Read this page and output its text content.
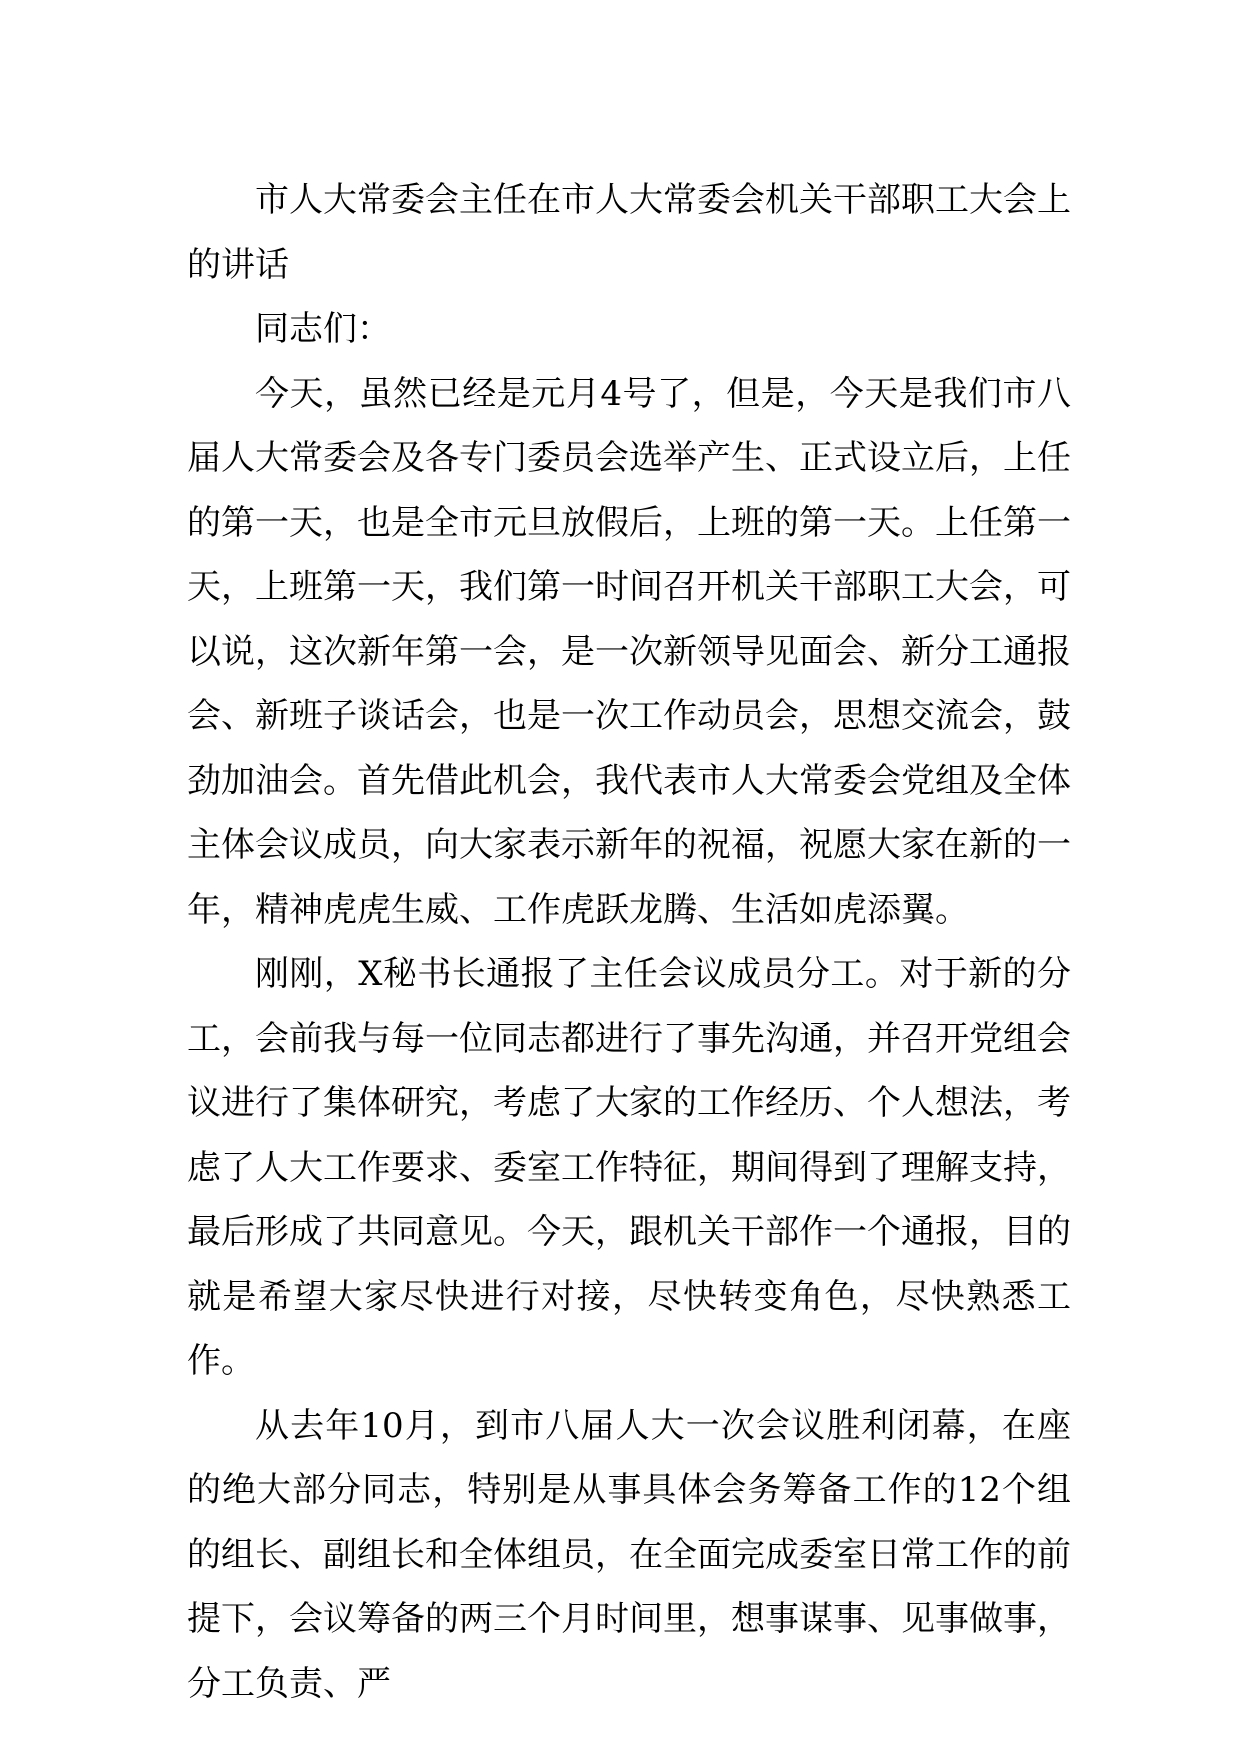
市人大常委会主任在市人大常委会机关干部职工大会上的讲话

同志们：

今天，虽然已经是元月4号了，但是，今天是我们市八届人大常委会及各专门委员会选举产生、正式设立后，上任的第一天，也是全市元旦放假后，上班的第一天。上任第一天，上班第一天，我们第一时间召开机关干部职工大会，可以说，这次新年第一会，是一次新领导见面会、新分工通报会、新班子谈话会，也是一次工作动员会，思想交流会，鼓劲加油会。首先借此机会，我代表市人大常委会党组及全体主体会议成员，向大家表示新年的祝福，祝愿大家在新的一年，精神虎虎生威、工作虎跃龙腾、生活如虎添翼。

刚刚，X秘书长通报了主任会议成员分工。对于新的分工，会前我与每一位同志都进行了事先沟通，并召开党组会议进行了集体研究，考虑了大家的工作经历、个人想法，考虑了人大工作要求、委室工作特征，期间得到了理解支持，最后形成了共同意见。今天，跟机关干部作一个通报，目的就是希望大家尽快进行对接，尽快转变角色，尽快熟悉工作。

从去年10月，到市八届人大一次会议胜利闭幕，在座的绝大部分同志，特别是从事具体会务筹备工作的12个组的组长、副组长和全体组员，在全面完成委室日常工作的前提下，会议筹备的两三个月时间里，想事谋事、见事做事，分工负责、严
